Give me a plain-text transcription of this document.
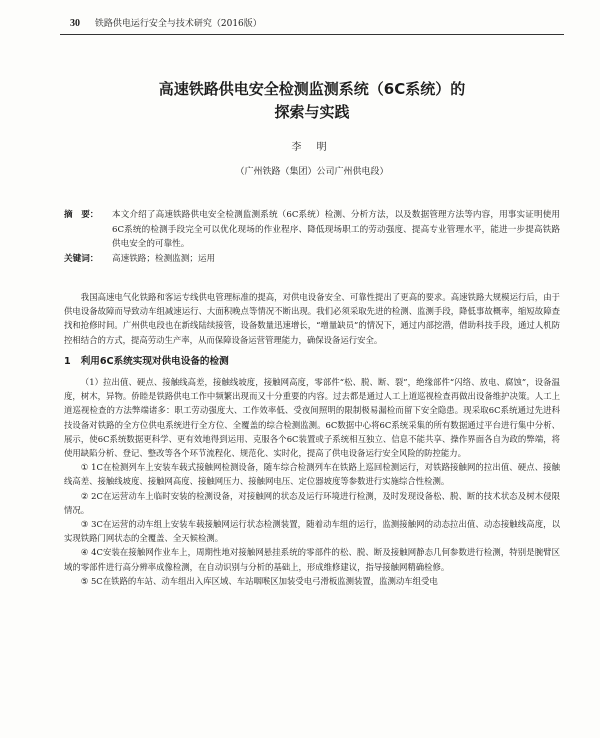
30 铁路供电运行安全与技术研究（2016版）
高速铁路供电安全检测监测系统（6C系统）的
探索与实践
李 明
（广州铁路（集团）公司广州供电段）
摘　要：	本文介绍了高速铁路供电安全检测监测系统（6C系统）检测、分析方法，以及数据管理方法等内容，用事实证明使用6C系统的检测手段完全可以优化现场的作业程序、降低现场职工的劳动强度、提高专业管理水平，能进一步提高铁路供电安全的可靠性。
关键词：	高速铁路；检测监测；运用

我国高速电气化铁路和客运专线供电管理标准的提高，对供电设备安全、可靠性提出了更高的要求。高速铁路大规模运行后，由于供电设备故障而导致动车组减速运行、大面积晚点等情况不断出现。我们必须采取先进的检测、监测手段，降低事故概率，缩短故障查找和抢修时间。广州供电段也在新线陆续接管，设备数量迅速增长，“增量缺员”的情况下，通过内部挖潜，借助科技手段，通过人机防控相结合的方式，提高劳动生产率，从而保障设备运营管理能力，确保设备运行安全。

1 利用6C系统实现对供电设备的检测

（1）拉出值、硬点、接触线高差，接触线坡度，接触网高度，零部件“松、脱、断、裂”，绝缘部件“闪络、放电、腐蚀”，设备温度，树木，异物。侨睦是铁路供电工作中频繁出现而又十分重要的内容。过去都是通过人工上道巡视检查再做出设备维护决策。人工上道巡视检查的方法弊端诸多：职工劳动强度大、工作效率低、受夜间照明的限制极易漏检而留下安全隐患。现采取6C系统通过先进科技设备对铁路的全方位供电系统进行全方位、全覆盖的综合检测监测。6C数据中心将6C系统采集的所有数据通过平台进行集中分析、展示，使6C系统数据更科学、更有效地得到运用、克服各个6C装置或子系统相互独立、信息不能共享、操作界面各自为政的弊端，将使用缺陷分析、登记、整改等各个环节流程化、规范化、实时化，提高了供电设备运行安全风险的防控能力。

① 1C在检测列车上安装车载式接触网检测设备，随车综合检测列车在铁路上巡回检测运行，对铁路接触网的拉出值、硬点、接触线高差、接触线坡度、接触网高度、接触网压力、接触网电压、定位器坡度等参数进行实施综合性检测。

② 2C在运营动车上临时安装的检测设备，对接触网的状态及运行环境进行检测，及时发现设备松、脱、断的技术状态及树木侵限情况。

③ 3C在运营的动车组上安装车载接触网运行状态检测装置，随着动车组的运行，监测接触网的动态拉出值、动态接触线高度，以实现铁路门网状态的全覆盖、全天候检测。

④ 4C安装在接触网作业车上，周期性地对接触网悬挂系统的零部件的松、脱、断及接触网静态几何参数进行检测，特别是腕臂区域的零部件进行高分辨率成像检测，在自动识别与分析的基础上，形成维修建议，指导接触网精确检修。

⑤ 5C在铁路的车站、动车组出入库区域、车站咽喉区加装受电弓滑板监测装置，监测动车组受电
